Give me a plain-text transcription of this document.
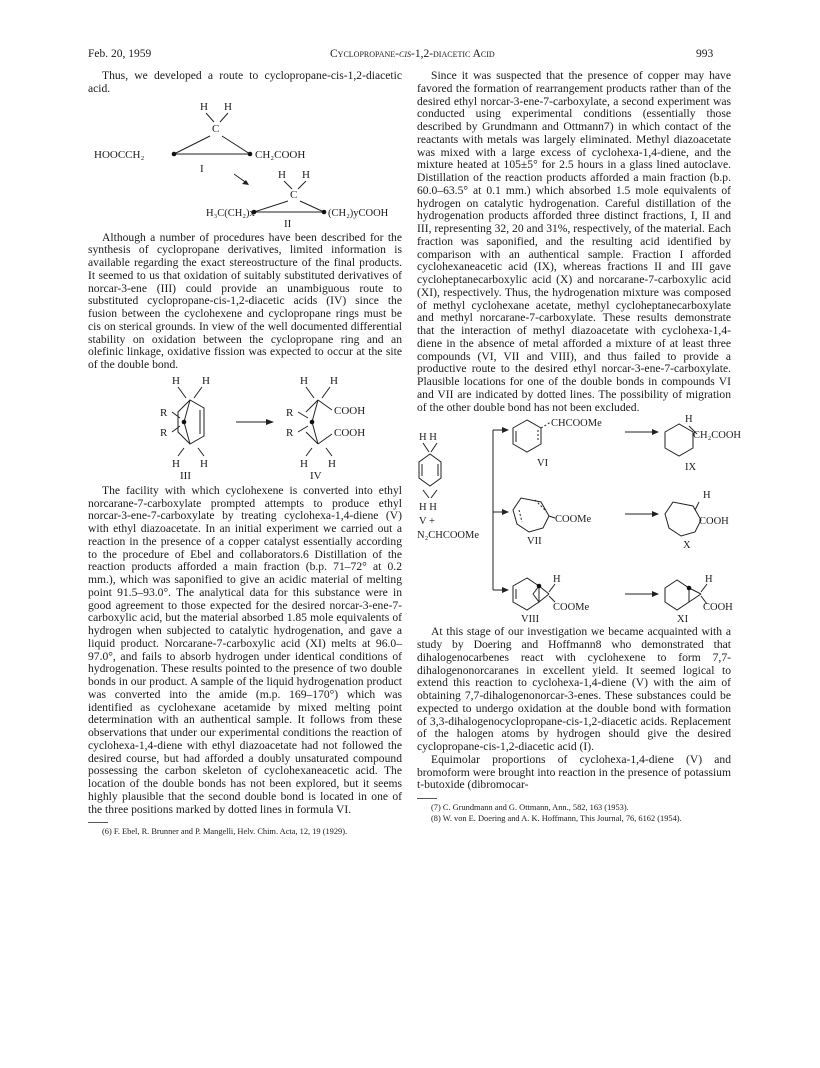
Feb. 20, 1959	Cyclopropane-cis-1,2-diacetic Acid	993

Thus, we developed a route to cyclopropane-cis-1,2-diacetic acid.

H H
C
HOOCCH₂	CH₂COOH
I	H H
C
H₃C(CH₂)x	(CH₂)yCOOH
II

Although a number of procedures have been described for the synthesis of cyclopropane derivatives, limited information is available regarding the exact stereostructure of the final products. It seemed to us that oxidation of suitably substituted derivatives of norcar-3-ene (III) could provide an unambiguous route to substituted cyclopropane-cis-1,2-diacetic acids (IV) since the fusion between the cyclohexene and cyclopropane rings must be cis on sterical grounds. In view of the well documented differential stability on oxidation between the cyclopropane ring and an olefinic linkage, oxidative fission was expected to occur at the site of the double bond.

H H
R
R
H H
H H
R
R
COOH
COOH
H H
III	IV

The facility with which cyclohexene is converted into ethyl norcarane-7-carboxylate prompted attempts to produce ethyl norcar-3-ene-7-carboxylate by treating cyclohexa-1,4-diene (V) with ethyl diazoacetate. In an initial experiment we carried out a reaction in the presence of a copper catalyst essentially according to the procedure of Ebel and collaborators.6 Distillation of the reaction products afforded a main fraction (b.p. 71–72° at 0.2 mm.), which was saponified to give an acidic material of melting point 91.5–93.0°. The analytical data for this substance were in good agreement to those expected for the desired norcar-3-ene-7-carboxylic acid, but the material absorbed 1.85 mole equivalents of hydrogen when subjected to catalytic hydrogenation, and gave a liquid product. Norcarane-7-carboxylic acid (XI) melts at 96.0–97.0°, and fails to absorb hydrogen under identical conditions of hydrogenation. These results pointed to the presence of two double bonds in our product. A sample of the liquid hydrogenation product was converted into the amide (m.p. 169–170°) which was identified as cyclohexane acetamide by mixed melting point determination with an authentical sample. It follows from these observations that under our experimental conditions the reaction of cyclohexa-1,4-diene with ethyl diazoacetate had not followed the desired course, but had afforded a doubly unsaturated compound possessing the carbon skeleton of cyclohexaneacetic acid. The location of the double bonds has not been explored, but it seems highly plausible that the second double bond is located in one of the three positions marked by dotted lines in formula VI.

(6) F. Ebel, R. Brunner and P. Mangelli, Helv. Chim. Acta, 12, 19 (1929).

Since it was suspected that the presence of copper may have favored the formation of rearrangement products rather than of the desired ethyl norcar-3-ene-7-carboxylate, a second experiment was conducted using experimental conditions (essentially those described by Grundmann and Ottmann7) in which contact of the reactants with metals was largely eliminated. Methyl diazoacetate was mixed with a large excess of cyclohexa-1,4-diene, and the mixture heated at 105±5° for 2.5 hours in a glass lined autoclave. Distillation of the reaction products afforded a main fraction (b.p. 60.0–63.5° at 0.1 mm.) which absorbed 1.5 mole equivalents of hydrogen on catalytic hydrogenation. Careful distillation of the hydrogenation products afforded three distinct fractions, I, II and III, representing 32, 20 and 31%, respectively, of the material. Each fraction was saponified, and the resulting acid identified by comparison with an authentical sample. Fraction I afforded cyclohexaneacetic acid (IX), whereas fractions II and III gave cycloheptanecarboxylic acid (X) and norcarane-7-carboxylic acid (XI), respectively. Thus, the hydrogenation mixture was composed of methyl cyclohexane acetate, methyl cycloheptanecarboxylate and methyl norcarane-7-carboxylate. These results demonstrate that the interaction of methyl diazoacetate with cyclohexa-1,4-diene in the absence of metal afforded a mixture of at least three compounds (VI, VII and VIII), and thus failed to provide a productive route to the desired ethyl norcar-3-ene-7-carboxylate. Plausible locations for one of the double bonds in compounds VI and VII are indicated by dotted lines. The possibility of migration of the other double bond has not been excluded.

H H
H H
V +
N₂CHCOOMe
CHCOOMe
VI
H
CH₂COOH
IX
COOMe
VII
H
COOH
X
H
COOMe
VIII
H
COOH
XI

At this stage of our investigation we became acquainted with a study by Doering and Hoffmann8 who demonstrated that dihalogenocarbenes react with cyclohexene to form 7,7-dihalogenonorcaranes in excellent yield. It seemed logical to extend this reaction to cyclohexa-1,4-diene (V) with the aim of obtaining 7,7-dihalogenonorcar-3-enes. These substances could be expected to undergo oxidation at the double bond with formation of 3,3-dihalogenocyclopropane-cis-1,2-diacetic acids. Replacement of the halogen atoms by hydrogen should give the desired cyclopropane-cis-1,2-diacetic acid (I).

Equimolar proportions of cyclohexa-1,4-diene (V) and bromoform were brought into reaction in the presence of potassium t-butoxide (dibromocar-

(7) C. Grundmann and G. Ottmann, Ann., 582, 163 (1953).

(8) W. von E. Doering and A. K. Hoffmann, This Journal, 76, 6162 (1954).
